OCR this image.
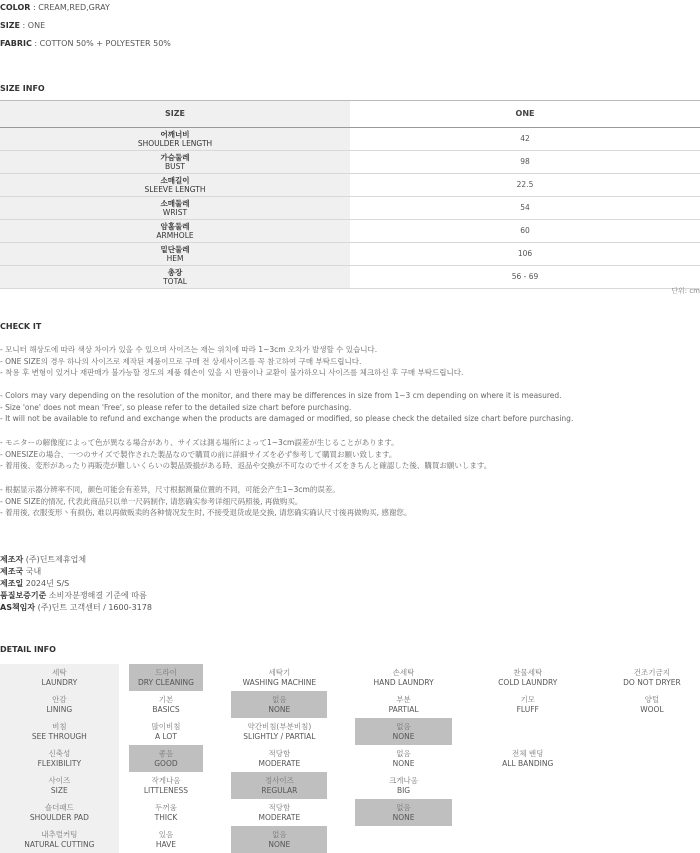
COLOR : CREAM,RED,GRAY
SIZE : ONE
FABRIC : COTTON 50% + POLYESTER 50%
SIZE INFO
SIZE	ONE
어깨너비
SHOULDER LENGTH
42
가슴둘레
BUST
98
소매길이
SLEEVE LENGTH
22.5
소매둘레
WRIST
54
암홀둘레
ARMHOLE
60
밑단둘레
HEM
106
총장
TOTAL
56 - 69
단위: cm
CHECK IT
- 모니터 해상도에 따라 색상 차이가 있을 수 있으며 사이즈는 재는 위치에 따라 1~3cm 오차가 발생할 수 있습니다.
- ONE SIZE의 경우 하나의 사이즈로 제작된 제품이므로 구매 전 상세사이즈를 꼭 참고하여 구매 부탁드립니다.
- 착용 후 변형이 있거나 재판매가 불가능할 정도의 제품 훼손이 있을 시 반품이나 교환이 불가하오니 사이즈를 체크하신 후 구매 부탁드립니다.
- Colors may vary depending on the resolution of the monitor, and there may be differences in size from 1~3 cm depending on where it is measured.
- Size 'one' does not mean 'Free', so please refer to the detailed size chart before purchasing.
- It will not be available to refund and exchange when the products are damaged or modified, so please check the detailed size chart before purchasing.
- モニターの解像度によって色が異なる場合があり、サイズは測る場所によって1~3cm誤差が生じることがあります。
- ONESIZEの場合、一つのサイズで製作された製品なので購買の前に詳細サイズを必ず参考して購買お願い致します。
- 着用後、変形があったり再販売が難しいくらいの製品毀損がある時、返品や交換が不可なのでサイズをきちんと確認した後、購買お願いします。
- 根据显示器分辨率不同，颜色可能会有差异，尺寸根据测量位置的不同，可能会产生1~3cm的误差。
- ONE SIZE的情况, 代表此商品只以单一尺码制作, 请您确实参考详细尺码照後, 再做购买。
- 着用後, 衣服变形丶有损伤, 难以再做贩卖的各种情况发生时, 不接受退货或是交换, 请您确实确认尺寸後再做购买, 感谢您。
제조자 (주)딘트제휴업체
제조국 국내
제조일 2024년 S/S
품질보증기준 소비자분쟁해결 기준에 따름
AS책임자 (주)딘트 고객센터 / 1600-3178
DETAIL INFO
세탁
LAUNDRY
드라이
DRY CLEANING
세탁기
WASHING MACHINE
손세탁
HAND LAUNDRY
찬물세탁
COLD LAUNDRY
건조기금지
DO NOT DRYER
안감
LINING
기본
BASICS
없음
NONE
부분
PARTIAL
기모
FLUFF
양털
WOOL
비침
SEE THROUGH
많이비침
A LOT
약간비침(부분비침)
SLIGHTLY / PARTIAL
없음
NONE
신축성
FLEXIBILITY
좋음
GOOD
적당함
MODERATE
없음
NONE
전체 밴딩
ALL BANDING
사이즈
SIZE
작게나옴
LITTLENESS
정사이즈
REGULAR
크게나옴
BIG
숄더패드
SHOULDER PAD
두꺼움
THICK
적당함
MODERATE
없음
NONE
내추럴커팅
NATURAL CUTTING
있음
HAVE
없음
NONE
